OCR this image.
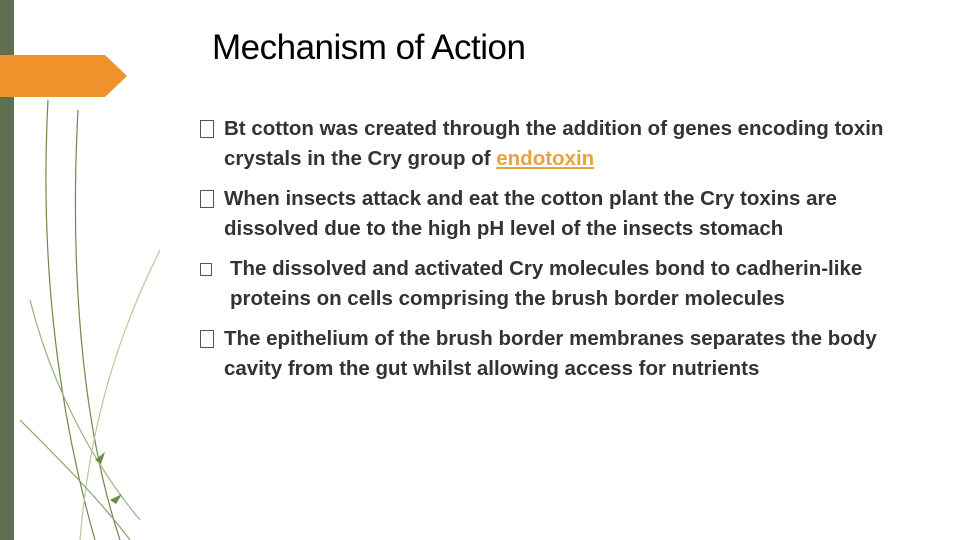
Mechanism of Action
Bt cotton was created through the addition of genes encoding toxin crystals in the Cry group of endotoxin
When insects attack and eat the cotton plant the Cry toxins are dissolved due to the high pH level of the insects stomach
The dissolved and activated Cry molecules bond to cadherin-like proteins on cells comprising the brush border molecules
The epithelium of the brush border membranes separates the body cavity from the gut whilst allowing access for nutrients
